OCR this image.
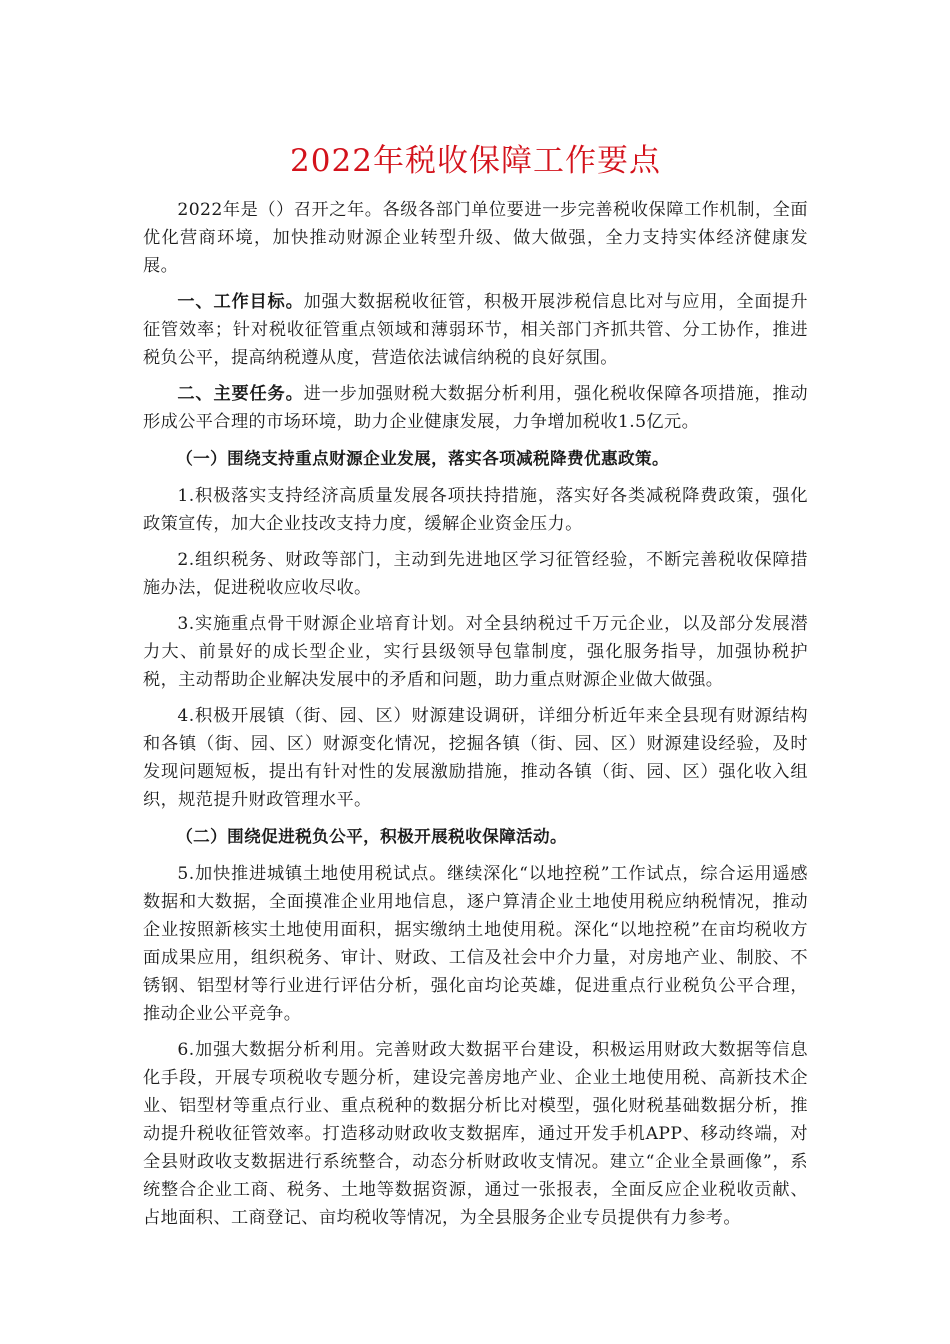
2022年税收保障工作要点

2022年是（）召开之年。各级各部门单位要进一步完善税收保障工作机制，全面优化营商环境，加快推动财源企业转型升级、做大做强，全力支持实体经济健康发展。

一、工作目标。加强大数据税收征管，积极开展涉税信息比对与应用，全面提升征管效率；针对税收征管重点领域和薄弱环节，相关部门齐抓共管、分工协作，推进税负公平，提高纳税遵从度，营造依法诚信纳税的良好氛围。

二、主要任务。进一步加强财税大数据分析利用，强化税收保障各项措施，推动形成公平合理的市场环境，助力企业健康发展，力争增加税收1.5亿元。

（一）围绕支持重点财源企业发展，落实各项减税降费优惠政策。

1.积极落实支持经济高质量发展各项扶持措施，落实好各类减税降费政策，强化政策宣传，加大企业技改支持力度，缓解企业资金压力。

2.组织税务、财政等部门，主动到先进地区学习征管经验，不断完善税收保障措施办法，促进税收应收尽收。

3.实施重点骨干财源企业培育计划。对全县纳税过千万元企业，以及部分发展潜力大、前景好的成长型企业，实行县级领导包靠制度，强化服务指导，加强协税护税，主动帮助企业解决发展中的矛盾和问题，助力重点财源企业做大做强。

4.积极开展镇（街、园、区）财源建设调研，详细分析近年来全县现有财源结构和各镇（街、园、区）财源变化情况，挖掘各镇（街、园、区）财源建设经验，及时发现问题短板，提出有针对性的发展激励措施，推动各镇（街、园、区）强化收入组织，规范提升财政管理水平。

（二）围绕促进税负公平，积极开展税收保障活动。

5.加快推进城镇土地使用税试点。继续深化“以地控税”工作试点，综合运用遥感数据和大数据，全面摸准企业用地信息，逐户算清企业土地使用税应纳税情况，推动企业按照新核实土地使用面积，据实缴纳土地使用税。深化“以地控税”在亩均税收方面成果应用，组织税务、审计、财政、工信及社会中介力量，对房地产业、制胶、不锈钢、铝型材等行业进行评估分析，强化亩均论英雄，促进重点行业税负公平合理，推动企业公平竞争。

6.加强大数据分析利用。完善财政大数据平台建设，积极运用财政大数据等信息化手段，开展专项税收专题分析，建设完善房地产业、企业土地使用税、高新技术企业、铝型材等重点行业、重点税种的数据分析比对模型，强化财税基础数据分析，推动提升税收征管效率。打造移动财政收支数据库，通过开发手机APP、移动终端，对全县财政收支数据进行系统整合，动态分析财政收支情况。建立“企业全景画像”，系统整合企业工商、税务、土地等数据资源，通过一张报表，全面反应企业税收贡献、占地面积、工商登记、亩均税收等情况，为全县服务企业专员提供有力参考。
